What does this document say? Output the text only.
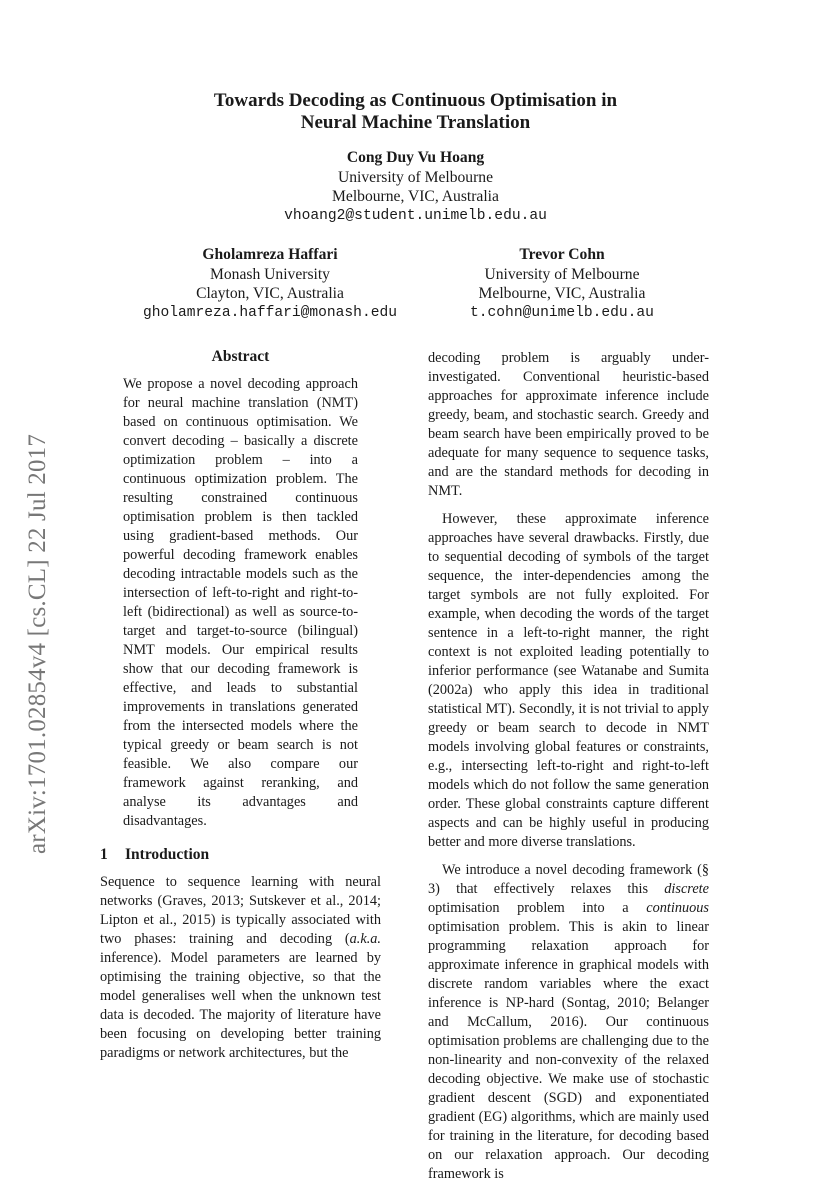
arXiv:1701.02854v4 [cs.CL] 22 Jul 2017
Towards Decoding as Continuous Optimisation in
Neural Machine Translation
Cong Duy Vu Hoang
University of Melbourne
Melbourne, VIC, Australia
vhoang2@student.unimelb.edu.au
Gholamreza Haffari
Monash University
Clayton, VIC, Australia
gholamreza.haffari@monash.edu
Trevor Cohn
University of Melbourne
Melbourne, VIC, Australia
t.cohn@unimelb.edu.au
Abstract

We propose a novel decoding approach for neural machine translation (NMT) based on continuous optimisation. We convert decoding – basically a discrete optimization problem – into a continuous optimization problem. The resulting constrained continuous optimisation problem is then tackled using gradient-based methods. Our powerful decoding framework enables decoding intractable models such as the intersection of left-to-right and right-to-left (bidirectional) as well as source-to-target and target-to-source (bilingual) NMT models. Our empirical results show that our decoding framework is effective, and leads to substantial improvements in translations generated from the intersected models where the typical greedy or beam search is not feasible. We also compare our framework against reranking, and analyse its advantages and disadvantages.

1 Introduction

Sequence to sequence learning with neural networks (Graves, 2013; Sutskever et al., 2014; Lipton et al., 2015) is typically associated with two phases: training and decoding (a.k.a. inference). Model parameters are learned by optimising the training objective, so that the model generalises well when the unknown test data is decoded. The majority of literature have been focusing on developing better training paradigms or network architectures, but the

decoding problem is arguably under-investigated. Conventional heuristic-based approaches for approximate inference include greedy, beam, and stochastic search. Greedy and beam search have been empirically proved to be adequate for many sequence to sequence tasks, and are the standard methods for decoding in NMT.

However, these approximate inference approaches have several drawbacks. Firstly, due to sequential decoding of symbols of the target sequence, the inter-dependencies among the target symbols are not fully exploited. For example, when decoding the words of the target sentence in a left-to-right manner, the right context is not exploited leading potentially to inferior performance (see Watanabe and Sumita (2002a) who apply this idea in traditional statistical MT). Secondly, it is not trivial to apply greedy or beam search to decode in NMT models involving global features or constraints, e.g., intersecting left-to-right and right-to-left models which do not follow the same generation order. These global constraints capture different aspects and can be highly useful in producing better and more diverse translations.

We introduce a novel decoding framework (§ 3) that effectively relaxes this discrete optimisation problem into a continuous optimisation problem. This is akin to linear programming relaxation approach for approximate inference in graphical models with discrete random variables where the exact inference is NP-hard (Sontag, 2010; Belanger and McCallum, 2016). Our continuous optimisation problems are challenging due to the non-linearity and non-convexity of the relaxed decoding objective. We make use of stochastic gradient descent (SGD) and exponentiated gradient (EG) algorithms, which are mainly used for training in the literature, for decoding based on our relaxation approach. Our decoding framework is
